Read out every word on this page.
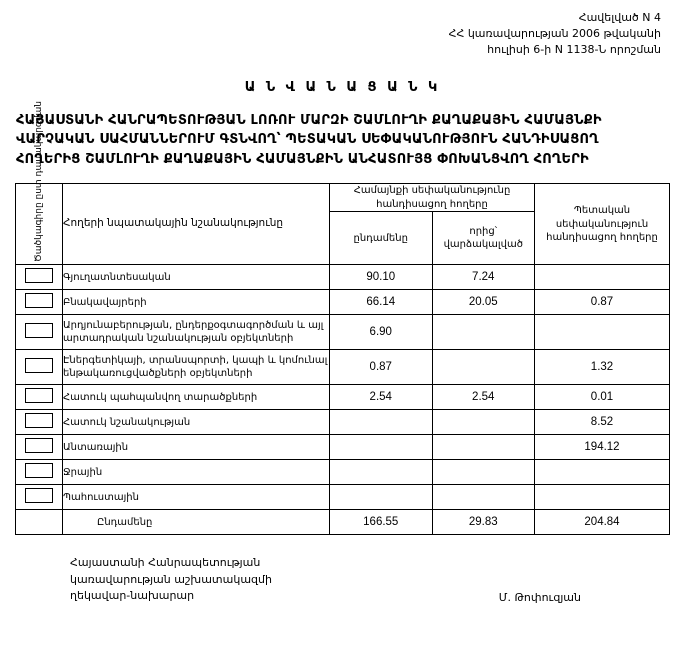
Հավելված N 4
ՀՀ կառավարության 2006 թվականի
հուլիսի 6-ի N 1138-Ն որոշման
Ա Ն Վ Ա Ն Ա Ց Ա Ն Կ
ՀԱՅԱՍՏԱՆԻ ՀԱՆՐԱՊԵՏՈՒԹՅԱՆ ԼՈՌՈՒ ՄԱՐԶԻ ՇԱՄԼՈՒՂԻ ՔԱՂԱՔԱՅԻՆ ՀԱՄԱՅՆՔԻ
ՎԱՐՉԱԿԱՆ ՍԱՀՄԱՆՆԵՐՈՒՄ ԳՏՆՎՈՂ՝ ՊԵՏԱԿԱՆ ՍԵՓԱԿԱՆՈՒԹՅՈՒՆ ՀԱՆԴԻՍԱՑՈՂ
ՀՈՂԵՐԻՑ ՇԱՄԼՈՒՂԻ ՔԱՂԱՔԱՅԻՆ ՀԱՄԱՅՆՔԻՆ ԱՆՀԱՏՈՒՅՑ ՓՈԽԱՆՑՎՈՂ ՀՈՂԵՐԻ
Ծածկագիրը ըստ դասակարգման	Հողերի նպատակային նշանակությունը	Համայնքի սեփականությունը հանդիսացող հողերը		Պետական սեփականություն հանդիսացող հողերը
		ընդամենը	որից՝ վարձակալված	
	Գյուղատնտեսական	90.10	7.24	
	Բնակավայրերի	66.14	20.05	0.87
	Արդյունաբերության, ընդերքօգտագործման և այլ արտադրական նշանակության օբյեկտների	6.90		
	Էներգետիկայի, տրանսպորտի, կապի և կոմունալ ենթակառուցվածքների օբյեկտների	0.87		1.32
	Հատուկ պահպանվող տարածքների	2.54	2.54	0.01
	Հատուկ նշանակության			8.52
	Անտառային			194.12
	Ջրային			
	Պահուստային			
	Ընդամենը	166.55	29.83	204.84
Հայաստանի Հանրապետության
կառավարության աշխատակազմի
ղեկավար-նախարար	Մ. Թոփուզյան
